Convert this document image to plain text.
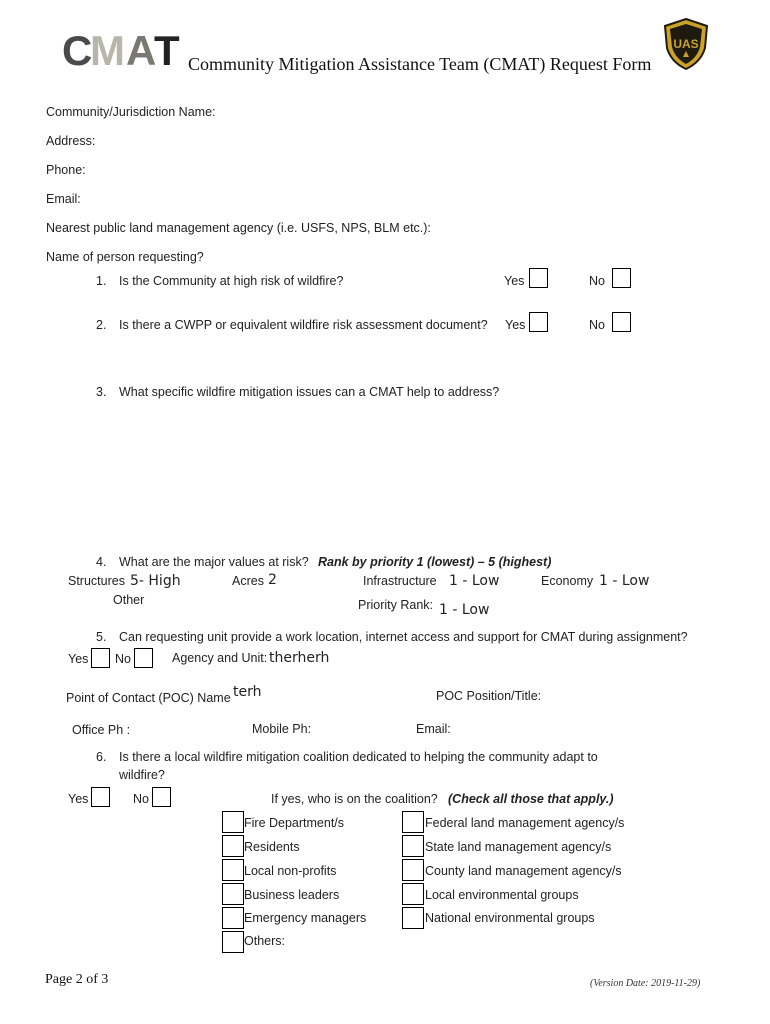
C M A T Community Mitigation Assistance Team (CMAT) Request Form
UAS
Community/Jurisdiction Name:
Address:
Phone:
Email:
Nearest public land management agency (i.e. USFS, NPS, BLM etc.):
Name of person requesting?
1. Is the Community at high risk of wildfire?	Yes	No
2. Is there a CWPP or equivalent wildfire risk assessment document? Yes	No
3. What specific wildfire mitigation issues can a CMAT help to address?
4. What are the major values at risk? Rank by priority 1 (lowest) – 5 (highest)
Structures 5- High	Acres 2	Infrastructure 1 - Low	Economy 1 - Low
Other	Priority Rank: 1 - Low
5. Can requesting unit provide a work location, internet access and support for CMAT during assignment?
Yes No	Agency and Unit: therherh
Point of Contact (POC) Name terh	POC Position/Title:
Office Ph :	Mobile Ph:	Email:
6. Is there a local wildfire mitigation coalition dedicated to helping the community adapt to
wildfire?
Yes	No	If yes, who is on the coalition? (Check all those that apply.)
Fire Department/s
Residents
Local non-profits
Business leaders
Emergency managers
Others:
Federal land management agency/s
State land management agency/s
County land management agency/s
Local environmental groups
National environmental groups
Page 2 of 3	(Version Date: 2019-11-29)
